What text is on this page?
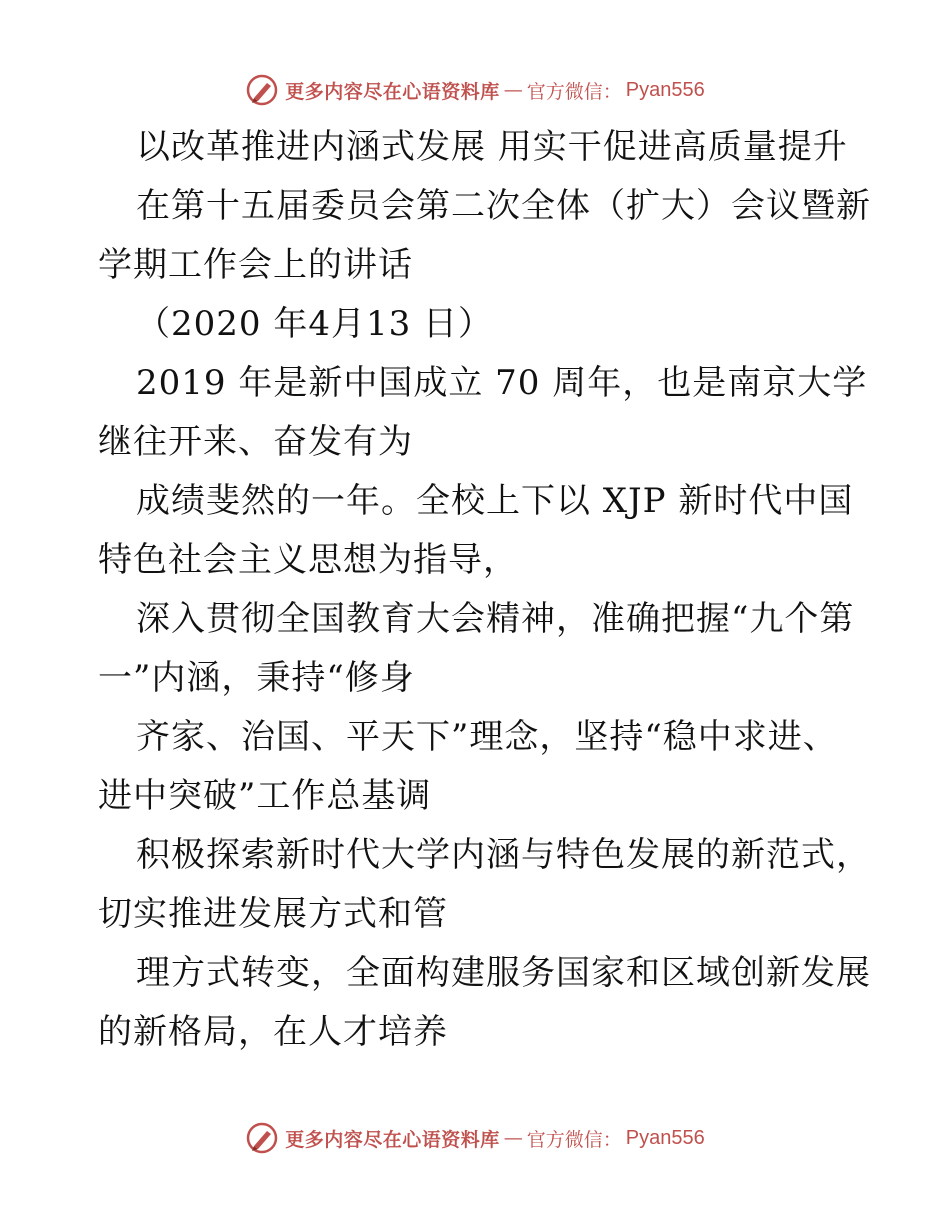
更多内容尽在心语资料库 — 官方微信： Pyan556
以改革推进内涵式发展 用实干促进高质量提升
在第十五届委员会第二次全体（扩大）会议暨新
学期工作会上的讲话
（2020 年4月13 日）
2019 年是新中国成立 70 周年，也是南京大学
继往开来、奋发有为
成绩斐然的一年。全校上下以 XJP 新时代中国
特色社会主义思想为指导，
深入贯彻全国教育大会精神，准确把握“九个第
一”内涵，秉持“修身
齐家、治国、平天下”理念，坚持“稳中求进、
进中突破”工作总基调
积极探索新时代大学内涵与特色发展的新范式，
切实推进发展方式和管
理方式转变，全面构建服务国家和区域创新发展
的新格局，在人才培养
更多内容尽在心语资料库 — 官方微信： Pyan556
